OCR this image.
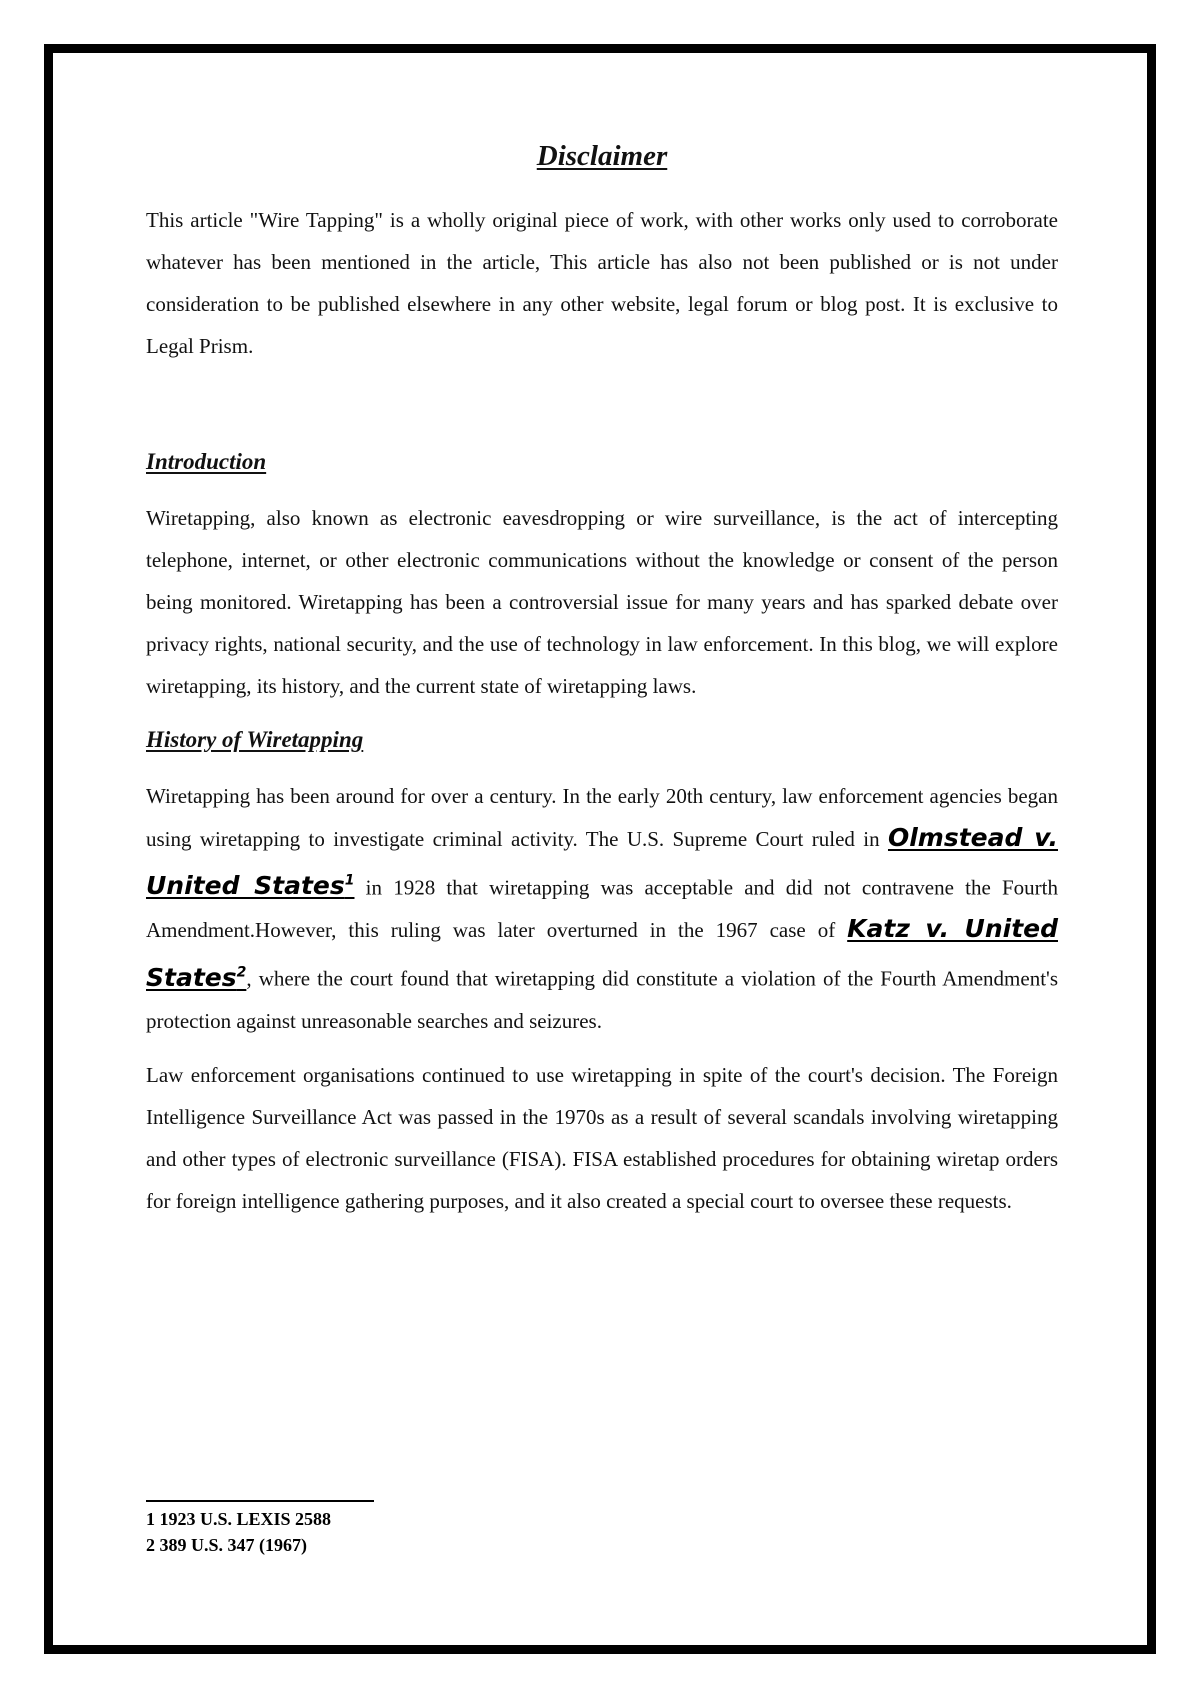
Disclaimer

This article "Wire Tapping" is a wholly original piece of work, with other works only used to corroborate whatever has been mentioned in the article, This article has also not been published or is not under consideration to be published elsewhere in any other website, legal forum or blog post. It is exclusive to Legal Prism.

Introduction

Wiretapping, also known as electronic eavesdropping or wire surveillance, is the act of intercepting telephone, internet, or other electronic communications without the knowledge or consent of the person being monitored. Wiretapping has been a controversial issue for many years and has sparked debate over privacy rights, national security, and the use of technology in law enforcement. In this blog, we will explore wiretapping, its history, and the current state of wiretapping laws.

History of Wiretapping

Wiretapping has been around for over a century. In the early 20th century, law enforcement agencies began using wiretapping to investigate criminal activity. The U.S. Supreme Court ruled in Olmstead v. United States$^1$ in 1928 that wiretapping was acceptable and did not contravene the Fourth Amendment.However, this ruling was later overturned in the 1967 case of Katz v. United States$^2$, where the court found that wiretapping did constitute a violation of the Fourth Amendment's protection against unreasonable searches and seizures.

Law enforcement organisations continued to use wiretapping in spite of the court's decision. The Foreign Intelligence Surveillance Act was passed in the 1970s as a result of several scandals involving wiretapping and other types of electronic surveillance (FISA). FISA established procedures for obtaining wiretap orders for foreign intelligence gathering purposes, and it also created a special court to oversee these requests.

1 1923 U.S. LEXIS 2588
2 389 U.S. 347 (1967)
